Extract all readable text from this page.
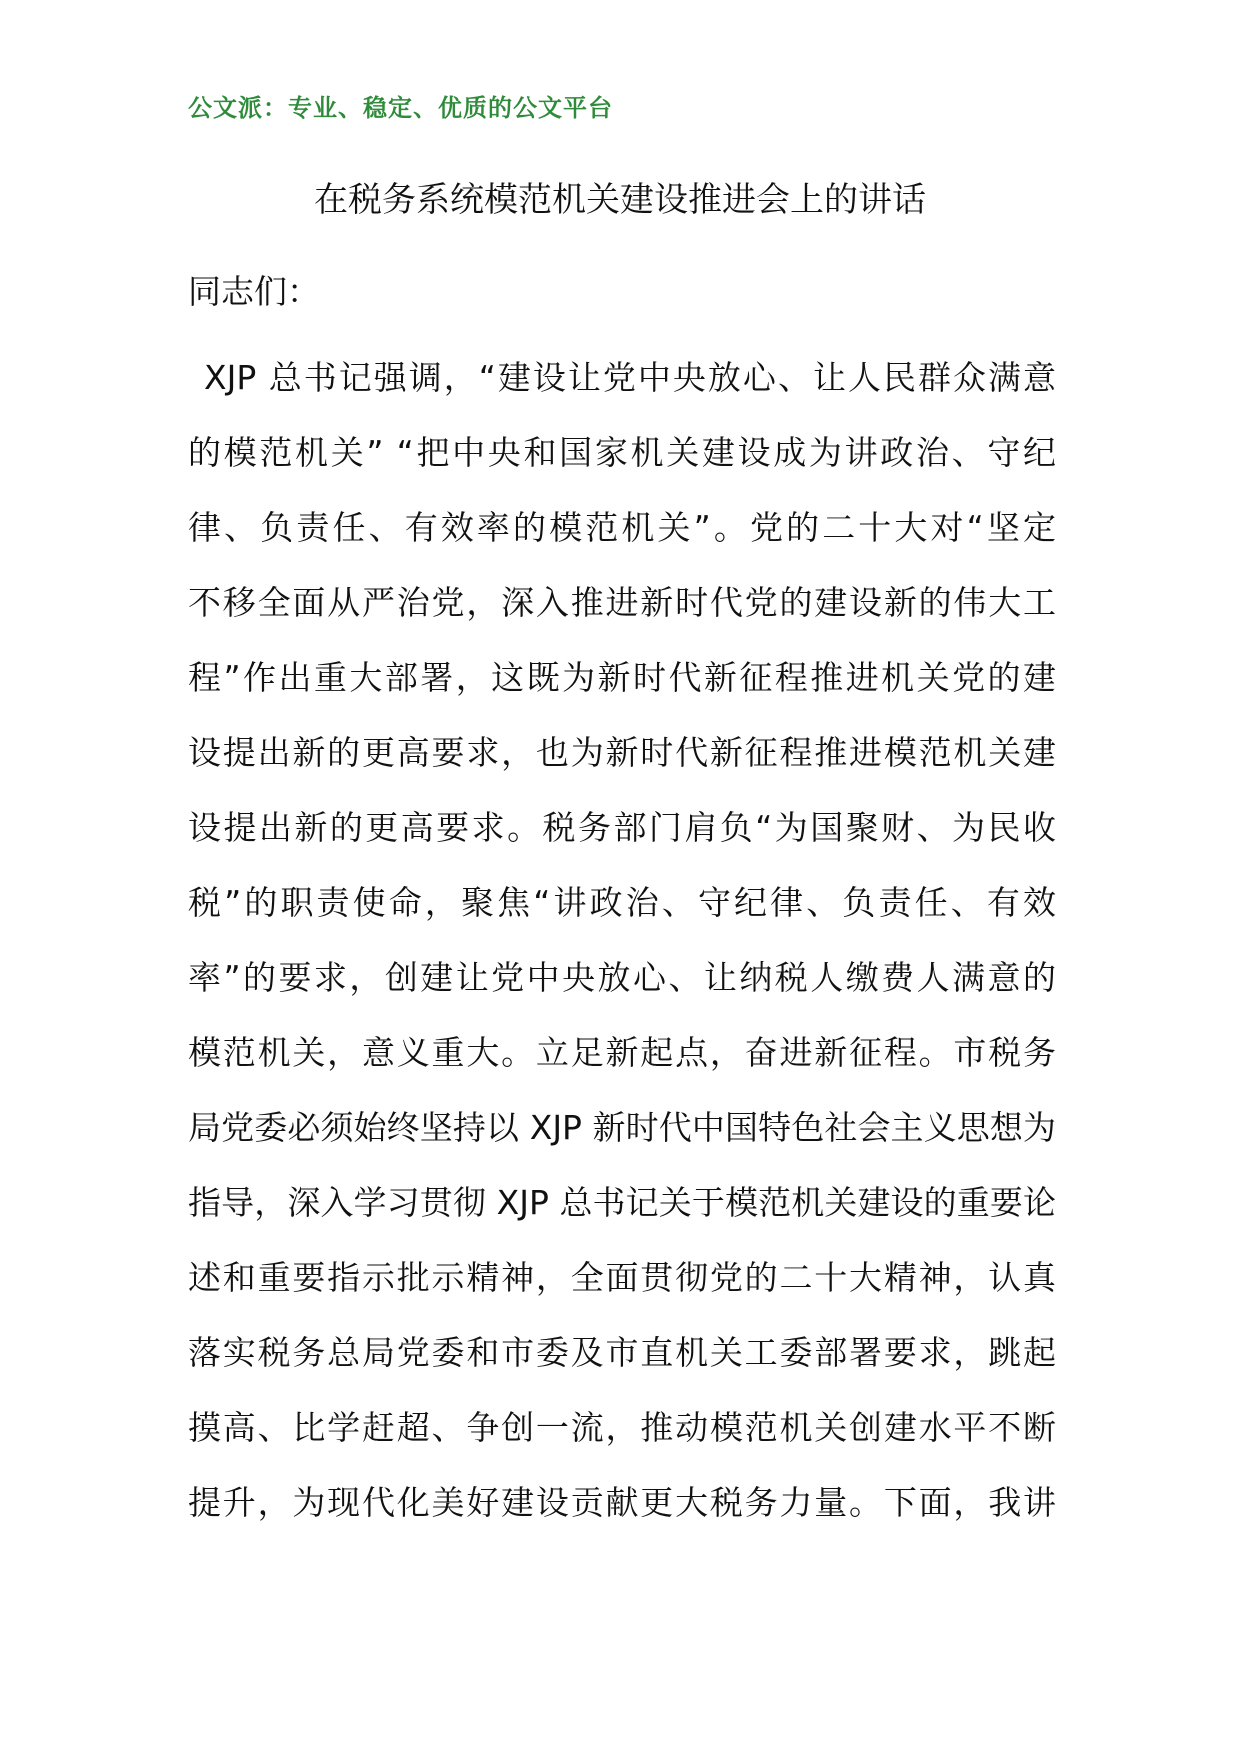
公文派：专业、稳定、优质的公文平台
在税务系统模范机关建设推进会上的讲话
同志们：
XJP 总书记强调，“建设让党中央放心、让人民群众满意
的模范机关” “把中央和国家机关建设成为讲政治、守纪
律、负责任、有效率的模范机关”。党的二十大对“坚定
不移全面从严治党，深入推进新时代党的建设新的伟大工
程”作出重大部署，这既为新时代新征程推进机关党的建
设提出新的更高要求，也为新时代新征程推进模范机关建
设提出新的更高要求。税务部门肩负“为国聚财、为民收
税”的职责使命，聚焦“讲政治、守纪律、负责任、有效
率”的要求，创建让党中央放心、让纳税人缴费人满意的
模范机关，意义重大。立足新起点，奋进新征程。市税务
局党委必须始终坚持以 XJP 新时代中国特色社会主义思想为
指导，深入学习贯彻 XJP 总书记关于模范机关建设的重要论
述和重要指示批示精神，全面贯彻党的二十大精神，认真
落实税务总局党委和市委及市直机关工委部署要求，跳起
摸高、比学赶超、争创一流，推动模范机关创建水平不断
提升，为现代化美好建设贡献更大税务力量。下面，我讲
